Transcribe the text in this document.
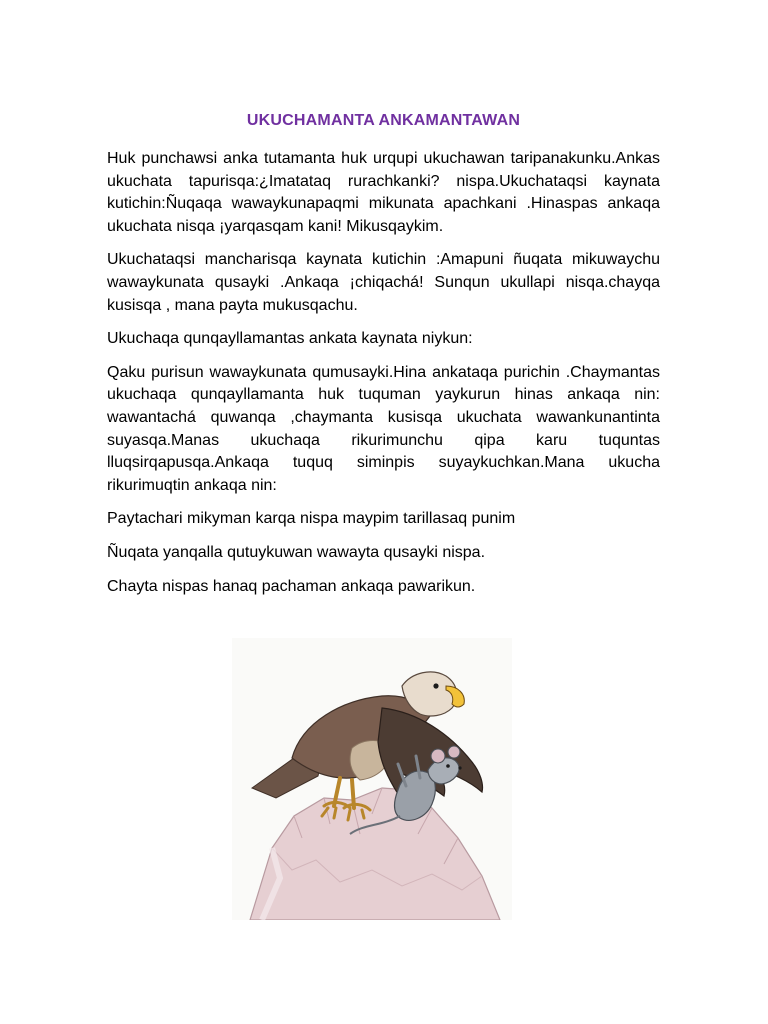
UKUCHAMANTA ANKAMANTAWAN

Huk punchawsi anka tutamanta huk urqupi ukuchawan taripanakunku.Ankas ukuchata tapurisqa:¿Imatataq rurachkanki? nispa.Ukuchataqsi kaynata kutichin:Ñuqaqa wawaykunapaqmi mikunata apachkani .Hinaspas ankaqa ukuchata nisqa ¡yarqasqam kani! Mikusqaykim.

Ukuchataqsi mancharisqa kaynata kutichin :Amapuni ñuqata mikuwaychu wawaykunata qusayki .Ankaqa ¡chiqachá! Sunqun ukullapi nisqa.chayqa kusisqa , mana payta mukusqachu.

Ukuchaqa qunqayllamantas ankata kaynata niykun:

Qaku purisun wawaykunata qumusayki.Hina ankataqa purichin .Chaymantas ukuchaqa qunqayllamanta huk tuquman yaykurun hinas ankaqa nin: wawantachá quwanqa ,chaymanta kusisqa ukuchata wawankunantinta suyasqa.Manas ukuchaqa rikurimunchu qipa karu tuquntas lluqsirqapusqa.Ankaqa tuquq siminpis suyaykuchkan.Mana ukucha rikurimuqtin ankaqa nin:

Paytachari mikyman karqa nispa maypim tarillasaq punim

Ñuqata yanqalla qutuykuwan wawayta qusayki nispa.

Chayta nispas hanaq pachaman ankaqa pawarikun.
